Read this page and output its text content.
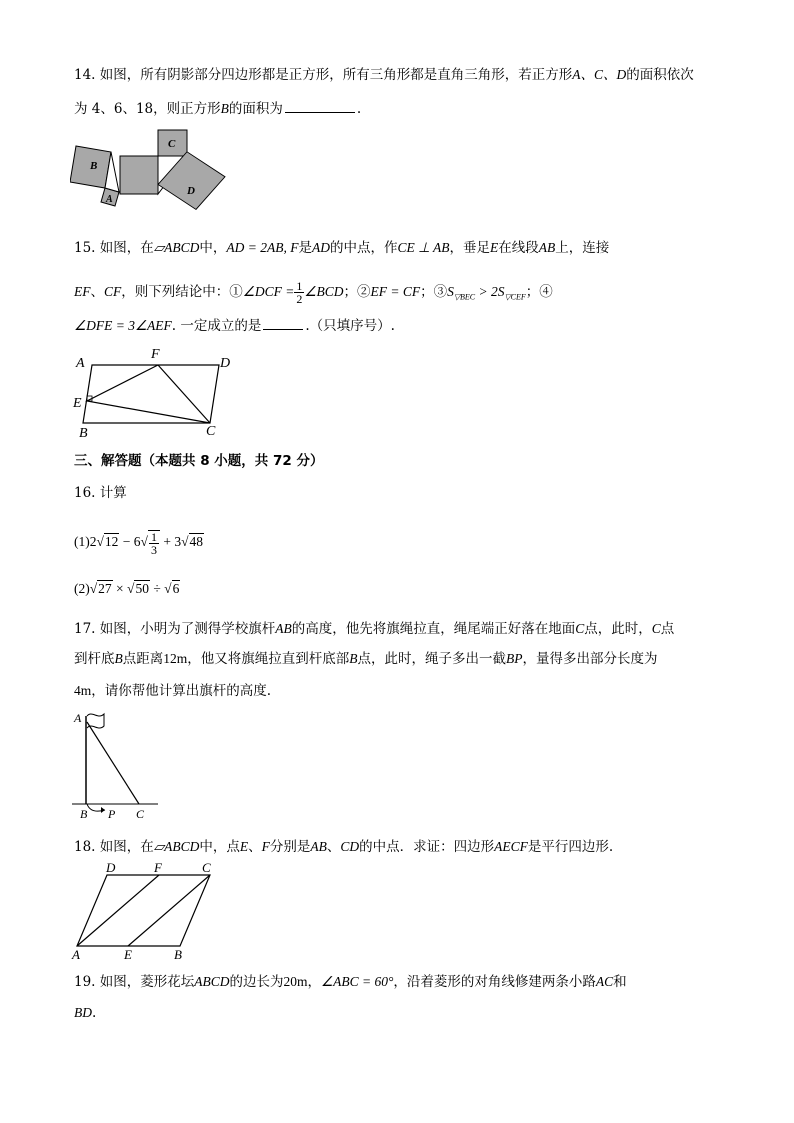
14. 如图，所有阴影部分四边形都是正方形，所有三角形都是直角三角形，若正方形A、C、D的面积依次
为 4、6、18，则正方形B的面积为	.
B
A
C
D
15. 如图，在▱ABCD中，AD = 2AB, F是AD的中点，作CE ⊥ AB，垂足E在线段AB上，连接
EF、CF，则下列结论中：①∠DCF = $\frac{1}{2}$ ∠BCD；②EF = CF；$③S_{▽BEC} > 2S_{▽CEF}$；④
∠DFE = 3∠AEF. 一定成立的是	.（只填序号）.
A
F
D
E
B	C
三、解答题（本题共 8 小题，共 72 分）
16. 计算
$(1)2√12 - 6√ \frac{1}{3} + 3√48$
(2)√27 × √50 ÷ √6
17. 如图，小明为了测得学校旗杆AB的高度，他先将旗绳拉直，绳尾端正好落在地面C点，此时，C点
到杆底B点距离12m，他又将旗绳拉直到杆底部B点，此时，绳子多出一截BP，量得多出部分长度为
4m，请你帮他计算出旗杆的高度.
A
B P C
18. 如图，在▱ABCD中，点E、F分别是AB、CD的中点．求证：四边形AECF是平行四边形.
D	F	C
A	E	B
19. 如图，菱形花坛ABCD的边长为20m，∠ABC = 60°，沿着菱形的对角线修建两条小路AC和
BD.
